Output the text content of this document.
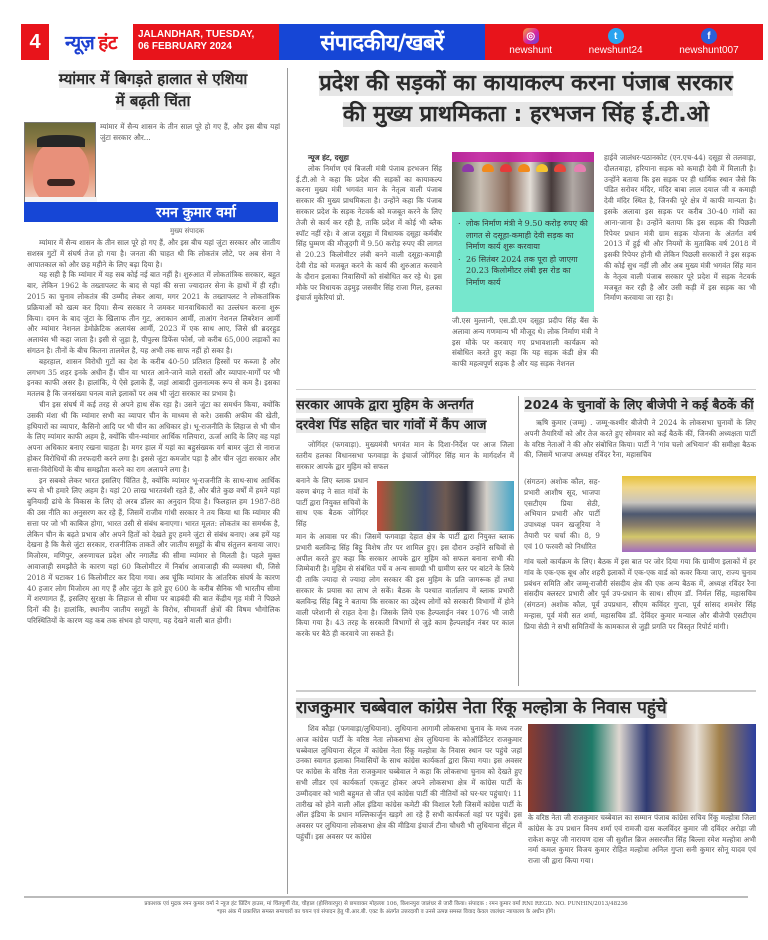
4	न्यूज़ हंट JALANDHAR, TUESDAY,
06 FEBRUARY 2024	संपादकीय/खबरें	◎
newshunt
t
newshunt24
f
newshunt007
म्यांमार में बिगड़ते हालात से एशिया
में बढ़ती चिंता
म्यांमार में सैन्य शासन के तीन साल पूरे हो गए हैं, और इस बीच यहां जुंटा सरकार और...
रमन कुमार वर्मा
मुख्य संपादक

म्यांमार में सैन्य शासन के तीन साल पूरे हो गए हैं, और इस बीच यहां जुंटा सरकार और जातीय सशस्त्र गुटों में संघर्ष तेज हो गया है। जनता की चाहत थी कि लोकतंत्र लौटे, पर अब सेना ने आपातकाल को और छह महीने के लिए बढ़ा दिया है।

यह सही है कि म्यांमार में यह सब कोई नई बात नहीं है। शुरुआत में लोकतांत्रिक सरकार, बहुत बार, लेकिन 1962 के तख्तापलट के बाद से यहां की सत्ता ज्यादातर सेना के हाथों में ही रही। 2015 का चुनाव लोकतंत्र की उम्मीद लेकर आया, मगर 2021 के तख्तापलट ने लोकतांत्रिक प्रक्रियाओं को खत्म कर दिया। सैन्य सरकार ने जमकर मानवाधिकारों का उल्लंघन करना शुरू किया। दमन के बाद जुंटा के खिलाफ तीन गुट, अराकान आर्मी, ताआंग नेशनल लिबरेशन आर्मी और म्यांमार नेशनल डेमोक्रेटिक अलायंस आर्मी, 2023 में एक साथ आए, जिसे थ्री ब्रदरहुड अलायंस भी कहा जाता है। इसी से जुड़ा है, पीपुल्स डिफेंस फोर्स, जो करीब 65,000 लड़ाकों का संगठन है। तीनों के बीच कितना तालमेल है, यह अभी तक साफ नहीं हो सका है।

बहरहाल, शासन विरोधी गुटों का देश के करीब 40-50 प्रतिशत हिस्सों पर कब्जा है और लगभग 35 शहर इनके अधीन हैं। चीन या भारत आने-जाने वाले रास्तों और व्यापार-मार्गों पर भी इनका काफी असर है। हालांकि, ये ऐसे इलाके हैं, जहां आबादी तुलनात्मक रूप से कम है। इसका मतलब है कि जनसंख्या घनत्व वाले इलाकों पर अब भी जुंटा सरकार का प्रभाव है।

चीन इस संघर्ष में कई तरह से अपने हाथ सेंक रहा है। उसने जुंटा का समर्थन किया, क्योंकि उसकी मंशा थी कि म्यांमार सभी का व्यापार चीन के माध्यम से करे। उसकी अफीम की खेती, हथियारों का व्यापार, कैसिनो आदि पर भी चीन का अधिकार हो। भू-राजनीति के लिहाज से भी चीन के लिए म्यांमार काफी अहम है, क्योंकि चीन-म्यांमार आर्थिक गलियारा, ऊर्जा आदि के लिए वह यहां अपना अधिकार बनाए रखना चाहता है। मगर हाल में यहां का बहुसंख्यक वर्ग बामर जुंटा से नाराज होकर विरोधियों की तरफदारी करने लगा है। इससे जुंटा कमजोर पड़ा है और चीन जुंटा सरकार और सत्ता-विरोधियों के बीच समझौता करने का राग अलापने लगा है।

इन सबको लेकर भारत इसलिए चिंतित है, क्योंकि म्यांमार भू-राजनीति के साथ-साथ आर्थिक रूप से भी हमारे लिए अहम है। यहां 20 लाख भारतवंशी रहते हैं, और बीते कुछ वर्षों में हमने यहां बुनियादी ढांचे के विकास के लिए दो अरब डॉलर का अनुदान दिया है। फिलहाल हम 1987-88 की उस नीति का अनुसरण कर रहे हैं, जिसमें राजीव गांधी सरकार ने तय किया था कि म्यांमार की सत्ता पर जो भी काबिज होगा, भारत उसी से संबंध बनाएगा। भारत मूलत: लोकतंत्र का समर्थक है, लेकिन चीन के बढ़ते प्रभाव और अपने हितों को देखते हुए हमने जुंटा से संबंध बनाए। अब हमें यह देखना है कि कैसे जुंटा सरकार, राजनीतिक ताकतें और जातीय समूहों के बीच संतुलन बनाया जाए। मिजोरम, मणिपुर, अरुणाचल प्रदेश और नगालैंड की सीमा म्यांमार से मिलती है। पहले मुक्त आवाजाही समझौते के कारण यहां 60 किलोमीटर में निर्बाध आवाजाही की व्यवस्था थी, जिसे 2018 में घटाकर 16 किलोमीटर कर दिया गया। अब चूंकि म्यांमार के आंतरिक संघर्ष के कारण 40 हजार लोग मिजोरम आ गए हैं और जुंटा के हारे हुए 600 के करीब सैनिक भी भारतीय सीमा में शरणागत हैं, इसलिए सुरक्षा के लिहाज से सीमा पर बाड़बंदी की बात केंद्रीय गृह मंत्री ने पिछले दिनों की है। हालांकि, स्थानीय जातीय समूहों के विरोध, सीमावर्ती क्षेत्रों की विषम भौगोलिक परिस्थितियों के कारण यह कब तक संभव हो पाएगा, यह देखने वाली बात होगी।

प्रदेश की सड़कों का कायाकल्प करना पंजाब सरकार
की मुख्य प्राथमिकता : हरभजन सिंह ई.टी.ओ

न्यूज हंट, दसूहा

लोक निर्माण एवं बिजली मंत्री पंजाब हरभजन सिंह ई.टी.ओ ने कहा कि प्रदेश की सड़कों का कायाकल्प करना मुख्य मंत्री भगवंत मान के नेतृत्व वाली पंजाब सरकार की मुख्य प्राथमिकता है। उन्होंने कहा कि पंजाब सरकार प्रदेश के सड़क नेटवर्क को मजबूत करने के लिए तेजी से कार्य कर रही है, ताकि प्रदेश में कोई भी ब्लैक स्पॉट नहीं रहे। वे आज दसूहा में विधायक दसूहा कर्मबीर सिंह घुम्मण की मौजूदगी में 9.50 करोड़ रुपए की लागत से 20.23 किलोमीटर लंबी बनने वाली दसूहा-कमाही देवी रोड को मजबूत करने के कार्य की शुरुआत करवाने के दौरान इलाका निवासियों को संबोधित कर रहे थे। इस मौके पर विधायक उड़मुड़ जसवीर सिंह राजा गिल, हलका इंचार्ज मुकेरियां प्रो.

. लोक निर्माण मंत्री ने 9.50 करोड़ रुपए की लागत से दसूहा-कमाही देवी सड़क का निर्माण कार्य शुरू करवाया
. 26 सितंबर 2024 तक पूरा हो जाएगा 20.23 किलोमीटर लंबी इस रोड का निर्माण कार्य

जी.एस मुल्तानी, एस.डी.एम दसूहा प्रदीप सिंह बैंस के अलावा अन्य गणमान्य भी मौजूद थे। लोक निर्माण मंत्री ने इस मौके पर करवाए गए प्रभावशाली कार्यक्रम को संबोधित करते हुए कहा कि यह सड़क कंडी क्षेत्र की काफी महत्वपूर्ण सड़क है और यह सड़क नेशनल

हाईवे जालंधर-पठानकोट (एन.एच-44) दसूहा से तलवाड़ा, दौलतवाहा, हरियाना सड़क को कमाही देवी में मिलाती है। उन्होंने बताया कि इस सड़क पर ही धार्मिक स्थान जैसे कि पंडित सरोवर मंदिर, मंदिर बाबा लाल दयाल जी व कमाही देवी मंदिर स्थित है, जिनकी पूरे क्षेत्र में काफी मान्यता है। इसके अलावा इस सड़क पर करीब 30-40 गांवों का आना-जाना है। उन्होंने बताया कि इस सड़क की पिछली रिपेयर प्रधान मंत्री ग्राम सड़क योजना के अंतर्गत वर्ष 2013 में हुई थी और नियमों के मुताबिक वर्ष 2018 में इसकी रिपेयर होनी थी लेकिन पिछली सरकारों ने इस सड़क की कोई सुध नहीं ली और अब मुख्य मंत्री भगवंत सिंह मान के नेतृत्व वाली पंजाब सरकार पूरे प्रदेश में सड़क नेटवर्क मजबूत कर रही है और उसी कड़ी में इस सड़क का भी निर्माण करवाया जा रहा है।

सरकार आपके द्वारा मुहिम के अन्तर्गत
दरवेश पिंड सहित चार गांवों में कैंप आज

जोगिंदर (फगवाड़ा). मुख्यमंत्री भगवंत मान के दिशा-निर्देश पर आज जिला स्तरीय हलका विधानसभा फगवाड़ा के इंचार्ज जोगिंदर सिंह मान के मार्गदर्शन में सरकार आपके द्वार मुहिम को सफल

बनाने के लिए ब्लाक प्रधान वरुण बंगड़ ने सात गांवों के पार्टी द्वारा नियुक्त सचिवों के साथ एक बैठक जोगिंदर सिंह

मान के आवास पर की। जिसमें फगवाड़ा देहात क्षेत्र के पार्टी द्वारा नियुक्त ब्लाक प्रभारी बलविन्द्र सिंह बिट्टू विशेष तौर पर शामिल हुए। इस दौरान उन्होंने सचिवों से अपील करते हुए कहा कि सरकार आपके द्वार मुहिम को सफल बनाना सभी की जिम्मेवारी है। मुहिम से संबंधित पर्चे व अन्य सामग्री भी ग्रामीण स्तर पर बांटने के लिये दी ताकि ज्यादा से ज्यादा लोग सरकार की इस मुहिम के प्रति जागरूक हों तथा सरकार के प्रयास का लाभ ले सकें। बैठक के पश्चात वार्तालाप में ब्लाक प्रभारी बलविन्द्र सिंह बिट्टू ने बताया कि सरकार का उद्देश्य लोगों को सरकारी विभागों में होने वाली परेशानी से राहत देना है। जिसके लिये एक हैल्पलाईन नंबर 1076 भी जारी किया गया है। 43 तरह के सरकारी विभागों से जुड़े काम हैल्पलाईन नंबर पर काल करके घर बैठे ही करवाये जा सकते हैं।

2024 के चुनावों के लिए बीजेपी ने कई बैठकें कीं

ऋषि कुमार (जम्मू) . जम्मू-कश्मीर बीजेपी ने 2024 के लोकसभा चुनावों के लिए अपनी तैयारियों को और तेज करते हुए सोमवार को कई बैठकें कीं, जिनकी अध्यक्षता पार्टी के वरिष्ठ नेताओं ने की और संबोधित किया। पार्टी ने 'गांव चलो अभियान' की समीक्षा बैठक की, जिसमें भाजपा अध्यक्ष रविंदर रैना, महासचिव

(संगठन) अशोक कौल, सह-प्रभारी आशीष सूद, भाजपा एसटीएम प्रिया सेठी, अभियान प्रभारी और पार्टी उपाध्यक्ष पवन खजूरिया ने तैयारी पर चर्चा की। 8, 9 एवं 10 फरवरी को निर्धारित

गांव चलो कार्यक्रम के लिए। बैठक में इस बात पर जोर दिया गया कि ग्रामीण इलाकों में हर गांव के एक-एक बूथ और शहरी इलाकों में एक-एक वार्ड को कवर किया जाए, राज्य चुनाव प्रबंधन समिति और जम्मू-राजौरी संसदीय क्षेत्र की एक अन्य बैठक में, अध्यक्ष रविंदर रैना संसदीय क्लस्टर प्रभारी और पूर्व उप-प्रधान के साथ। सीएम डॉ. निर्मल सिंह, महासचिव (संगठन) अशोक कौल, पूर्व उपप्रधान, सीएम कविंदर गुप्ता, पूर्व सांसद शमशेर सिंह मन्हास, पूर्व मंत्री सत शर्मा, महासचिव डॉ. देविंदर कुमार मन्याल और बीजेपी एसटीएम प्रिया सेठी ने सभी समितियों के कामकाज से जुड़ी प्रगति पर विस्तृत रिपोर्ट मांगी।

राजकुमार चब्बेवाल कांग्रेस नेता रिंकू मल्होत्रा के निवास पहुंचे

शिव कौड़ा (फगवाड़ा/लुधियाना). लुधियाना आगामी लोकसभा चुनाव के मध्य नजर आज कांग्रेस पार्टी के वरिष्ठ नेता लोकसभा क्षेत्र लुधियाना के कोऑर्डिनेटर राजकुमार चब्बेवाल लुधियाना सेंट्रल में कांग्रेस नेता रिंकू मल्होत्रा के निवास स्थान पर पहुंचे जहां उनका स्वागत इलाका निवासियों के साथ कांग्रेस कार्यकर्ता द्वारा किया गया। इस अवसर पर कांग्रेस के वरिष्ठ नेता राजकुमार चब्बेवाल ने कहा कि लोकसभा चुनाव को देखते हुए सभी लीडर एवं कार्यकर्ता एकजुट होकर अपने लोकसभा क्षेत्र में कांग्रेस पार्टी के उम्मीदवार को भारी बहुमत से जीत एवं कांग्रेस पार्टी की नीतियों को घर-घर पहुंचाएं। 11 तारीख को होने वाली ऑल इंडिया कांग्रेस कमेटी की विशाल रैली जिसमें कांग्रेस पार्टी के ऑल इंडिया के प्रधान मल्लिकार्जुन खड़गे आ रहे हैं सभी कार्यकर्ता वहां पर पहुंचें। इस अवसर पर लुधियाना लोकसभा क्षेत्र की मीडिया इंचार्ज टीना चौधरी भी लुधियाना सेंट्रल में पहुंचीं। इस अवसर पर कांग्रेस

के वरिष्ठ नेता जी राजकुमार चब्बेवाल का सम्मान पंजाब कांग्रेस सचिव रिंकू मल्होत्रा जिला कांग्रेस के उप प्रधान विनय शर्मा एवं रामजी दास कलविंदर कुमार जी दविंदर अरोड़ा जी राकेश कपूर जी नारायण दास जी सुशील ब्रिज असरजीत सिंह बिल्ला रमेश मल्होत्रा अभी नर्मा कमल कुमार विजय कुमार रोहित मल्होत्रा अनिल गुप्ता सनी कुमार सोनू यादव एवं राजा जी द्वारा किया गया।

प्रकाशक एवं मुद्रक रमन कुमार वर्मा ने न्यूज हंट प्रिंटिंग हाउस, मां चिंतपूर्णी रोड, चौहाल (होशियारपुर) से छपवाकर मोहल्ला 106, किशनपुरा जालंधर से जारी किया। संपादक : रमन कुमार वर्मा RNI REGD. NO. PUNHIN/2013/48236
*इस अंक में प्रकाशित समस्त समाचारों का चयन एवं संपादन हेतु पी.आर.बी. एक्ट के अंतर्गत उत्तरदायी व उनसे उत्पन्न समस्त विवाद केवल जालंधर न्यायालय के अधीन होंगे।
